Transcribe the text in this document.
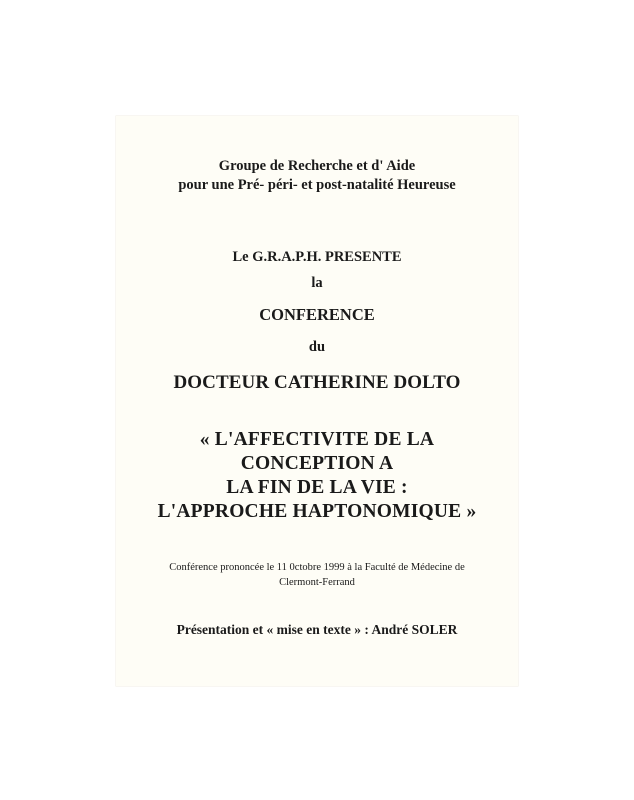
Groupe de Recherche et d' Aide
pour une Pré- péri- et post-natalité Heureuse
Le G.R.A.P.H. PRESENTE
la
CONFERENCE
du
DOCTEUR CATHERINE DOLTO
« L'AFFECTIVITE DE LA
CONCEPTION A
LA FIN DE LA VIE :
L'APPROCHE HAPTONOMIQUE »
Conférence prononcée le 11 0ctobre 1999 à la Faculté de Médecine de
Clermont-Ferrand
Présentation et « mise en texte » : André SOLER
